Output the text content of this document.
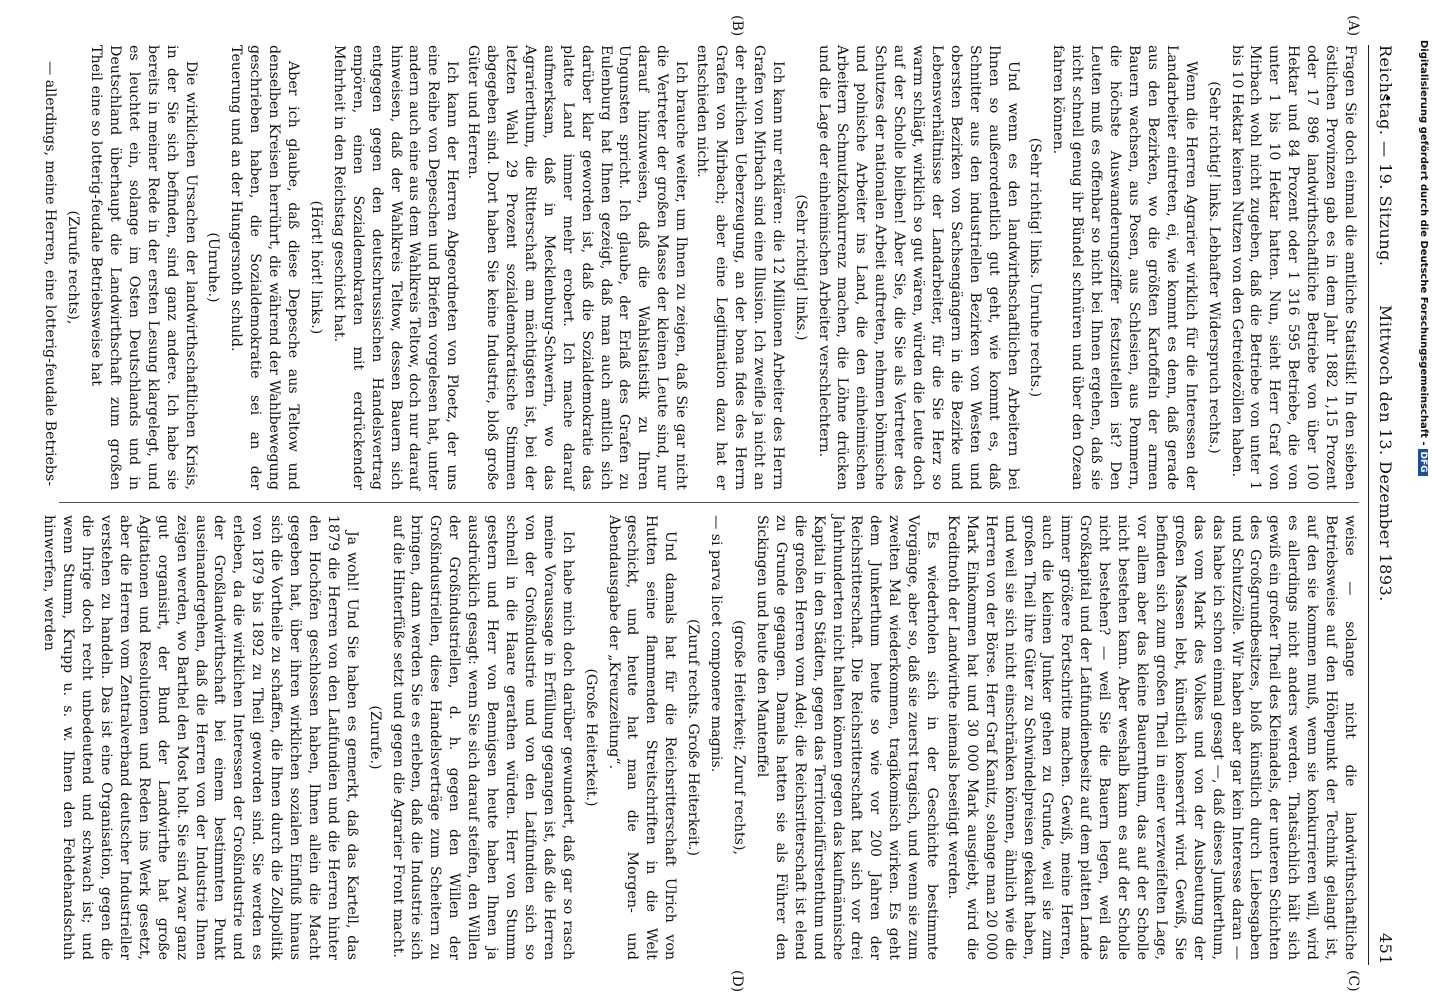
Reichstag. — 19. Sitzung.
Mittwoch den 13. Dezember 1893.
451
(A)
(B)
(C)
(D)

Fragen Sie doch einmal die amtliche Statistik! In den sieben östlichen Provinzen gab es in dem Jahr 1882 1,15 Prozent oder 17 896 landwirthschaftliche Betriebe von über 100 Hektar und 84 Prozent oder 1 316 595 Betriebe, die von unter 1 bis 10 Hektar hatten. Nun, sieht Herr Graf von Mirbach wohl nicht zugeben, daß die Betriebe von unter 1 bis 10 Hektar keinen Nutzen von den Getreidezöllen haben.

(Sehr richtig! links. Lebhafter Widerspruch rechts.)

Wenn die Herren Agrarier wirklich für die Interessen der Landarbeiter eintreten, ei, wie kommt es denn, daß gerade aus den Bezirken, wo die größten Kartoffeln der armen Bauern wachsen, aus Posen, aus Schlesien, aus Pommern, die höchste Auswanderungsziffer festzustellen ist? Den Leuten muß es offenbar so nicht bei Ihnen ergehen, daß sie nicht schnell genug ihr Bündel schnüren und über den Ozean fahren können.

(Sehr richtig! links. Unruhe rechts.)

Und wenn es den landwirthschaftlichen Arbeitern bei Ihnen so außerordentlich gut geht, wie kommt es, daß Schnitter aus den industriellen Bezirken von Westen und obersten Bezirken von Sachsengängern in die Bezirke und Lebensverhältnisse der Landarbeiter, für die Sie Herz so warm schlägt, wirklich so gut wären, würden die Leute doch auf der Scholle bleiben! Aber Sie, die Sie als Vertreter des Schutzes der nationalen Arbeit auftreten, nehmen böhmische und polnische Arbeiter ins Land, die den einheimischen Arbeitern Schmutzkonkurrenz machen, die Löhne drücken und die Lage der einheimischen Arbeiter verschlechtern.

(Sehr richtig! links.)

Ich kann nur erklären: die 12 Millionen Arbeiter des Herrn Grafen von Mirbach sind eine Illusion. Ich zweifle ja nicht an der ehrlichen Ueberzeugung, an der bona fides des Herrn Grafen von Mirbach; aber eine Legitimation dazu hat er entschieden nicht.

Ich brauche weiter, um Ihnen zu zeigen, daß Sie gar nicht die Vertreter der großen Masse der kleinen Leute sind, nur darauf hinzuweisen, daß die Wahlstatistik zu Ihren Ungunsten spricht. Ich glaube, der Erlaß des Grafen zu Eulenburg hat Ihnen gezeigt, daß man auch amtlich sich darüber klar geworden ist, daß die Sozialdemokratie das platte Land immer mehr erobert. Ich mache darauf aufmerksam, daß in Mecklenburg-Schwerin, wo das Agrarierthum, die Ritterschaft am mächtigsten ist, bei der letzten Wahl 29 Prozent sozialdemokratische Stimmen abgegeben sind. Dort haben Sie keine Industrie, bloß große Güter und Herren.

Ich kann der Herren Abgeordneten von Ploetz, der uns eine Reihe von Depeschen und Briefen vorgelesen hat, unter andern auch eine aus dem Wahlkreis Teltow, doch nur darauf hinweisen, daß der Wahlkreis Teltow, dessen Bauern sich entgegen gegen den deutschrussischen Handelsvertrag empören, einen Sozialdemokraten mit erdrückender Mehrheit in den Reichstag geschickt hat.

(Hört! hört! links.)

Aber ich glaube, daß diese Depesche aus Teltow und denselben Kreisen herrührt, die während der Wahlbewegung geschrieben haben, die Sozialdemokratie sei an der Teuerung und an der Hungersnoth schuld.

(Unruhe.)

Die wirklichen Ursachen der landwirthschaftlichen Krisis, in der Sie sich befinden, sind ganz andere. Ich habe sie bereits in meiner Rede in der ersten Lesung klargelegt, und es leuchtet ein, solange im Osten Deutschlands und in Deutschland überhaupt die Landwirthschaft zum großen Theil eine so lotterig-feudale Betriebsweise hat

(Zurufe rechts),

— allerdings, meine Herren, eine lotterig-feudale Betriebs-

weise — solange nicht die landwirthschaftliche Betriebsweise auf den Höhepunkt der Technik gelangt ist, auf den sie kommen muß, wenn sie konkurrieren will, wird es allerdings nicht anders werden. Thatsächlich hält sich gewiß ein großer Theil des Kleinadels, der unteren Schichten des Großgrundbesitzes, bloß künstlich durch Liebesgaben und Schutzzölle. Wir haben aber gar kein Interesse daran — das habe ich schon einmal gesagt —, daß dieses Junkerthum, das vom Mark des Volkes und von der Ausbeutung der großen Massen lebt, künstlich konservirt wird. Gewiß, Sie befinden sich zum großen Theil in einer verzweifelten Lage, vor allem aber das kleine Bauernthum, das auf der Scholle nicht bestehen kann. Aber weshalb kann es auf der Scholle nicht bestehen? — weil Sie die Bauern legen, weil das Großkapital und der Latifundienbesitz auf dem platten Lande immer größere Fortschritte machen. Gewiß, meine Herren, auch die kleinen Junker gehen zu Grunde, weil sie zum großen Theil ihre Güter zu Schwindelpreisen gekauft haben, und weil sie sich nicht einschränken können, ähnlich wie die Herren von der Börse. Herr Graf Kanitz, solange man 20 000 Mark Einkommen hat und 30 000 Mark ausgiebt, wird die Kreditnoth der Landwirthe niemals beseitigt werden.

Es wiederholen sich in der Geschichte bestimmte Vorgänge, aber so, daß sie zuerst tragisch, und wenn sie zum zweiten Mal wiederkommen, tragikomisch wirken. Es geht dem Junkerthum heute so wie vor 200 Jahren der Reichsritterschaft. Die Reichsritterschaft hat sich vor drei Jahrhunderten nicht halten können gegen das kaufmännische Kapital in den Städten, gegen das Territorialfürstenthum und die großen Herren vom Adel; die Reichsritterschaft ist elend zu Grunde gegangen. Damals hatten sie als Führer den Sickingen und heute den Mantenffel

(große Heiterkeit; Zuruf rechts),

— si parva licet componere magnis.

(Zuruf rechts. Große Heiterkeit.)

Und damals hat für die Reichsritterschaft Ulrich von Hutten seine flammenden Streitschriften in die Welt geschickt, und heute hat man die Morgen- und Abendausgabe der „Kreuzzeitung“.

(Große Heiterkeit.)

Ich habe mich doch darüber gewundert, daß gar so rasch meine Voraussage in Erfüllung gegangen ist, daß die Herren von der Großindustrie und von den Latifundien sich so schnell in die Haare gerathen würden. Herr von Stumm gestern und Herr von Bennigsen heute haben Ihnen ja ausdrücklich gesagt: wenn Sie sich darauf steifen, den Willen der Großindustriellen, d. h. gegen den Willen der Großindustriellen, diese Handelsverträge zum Scheitern zu bringen, dann werden Sie es erleben, daß die Industrie sich auf die Hinterfüße setzt und gegen die Agrarier Front macht.

(Zurufe.)

Ja wohl! Und Sie haben es gemerkt, daß das Kartell, das 1879 die Herren von den Latifundien und die Herren hinter den Hochöfen geschlossen haben, Ihnen allein die Macht gegeben hat, über ihren wirklichen sozialen Einfluß hinaus sich die Vortheile zu schaffen, die Ihnen durch die Zollpolitik von 1879 bis 1892 zu Theil geworden sind. Sie werden es erleben, da die wirklichen Interessen der Großindustrie und der Großlandwirthschaft bei einem bestimmten Punkt auseinandergehen, daß die Herren von der Industrie Ihnen zeigen werden, wo Barthel den Most holt. Sie sind zwar ganz gut organisirt, der Bund der Landwirthe hat große Agitationen und Resolutionen und Reden ins Werk gesetzt, aber die Herren vom Zentralverband deutscher Industrieller verstehen zu handeln. Das ist eine Organisation, gegen die die Ihrige doch recht unbedeutend und schwach ist; und wenn Stumm, Krupp u. s. w. Ihnen den Fehdehandschuh hinwerfen, werden

Digitalisierung gefördert durch die Deutsche Forschungsgemeinschaft -DFG
